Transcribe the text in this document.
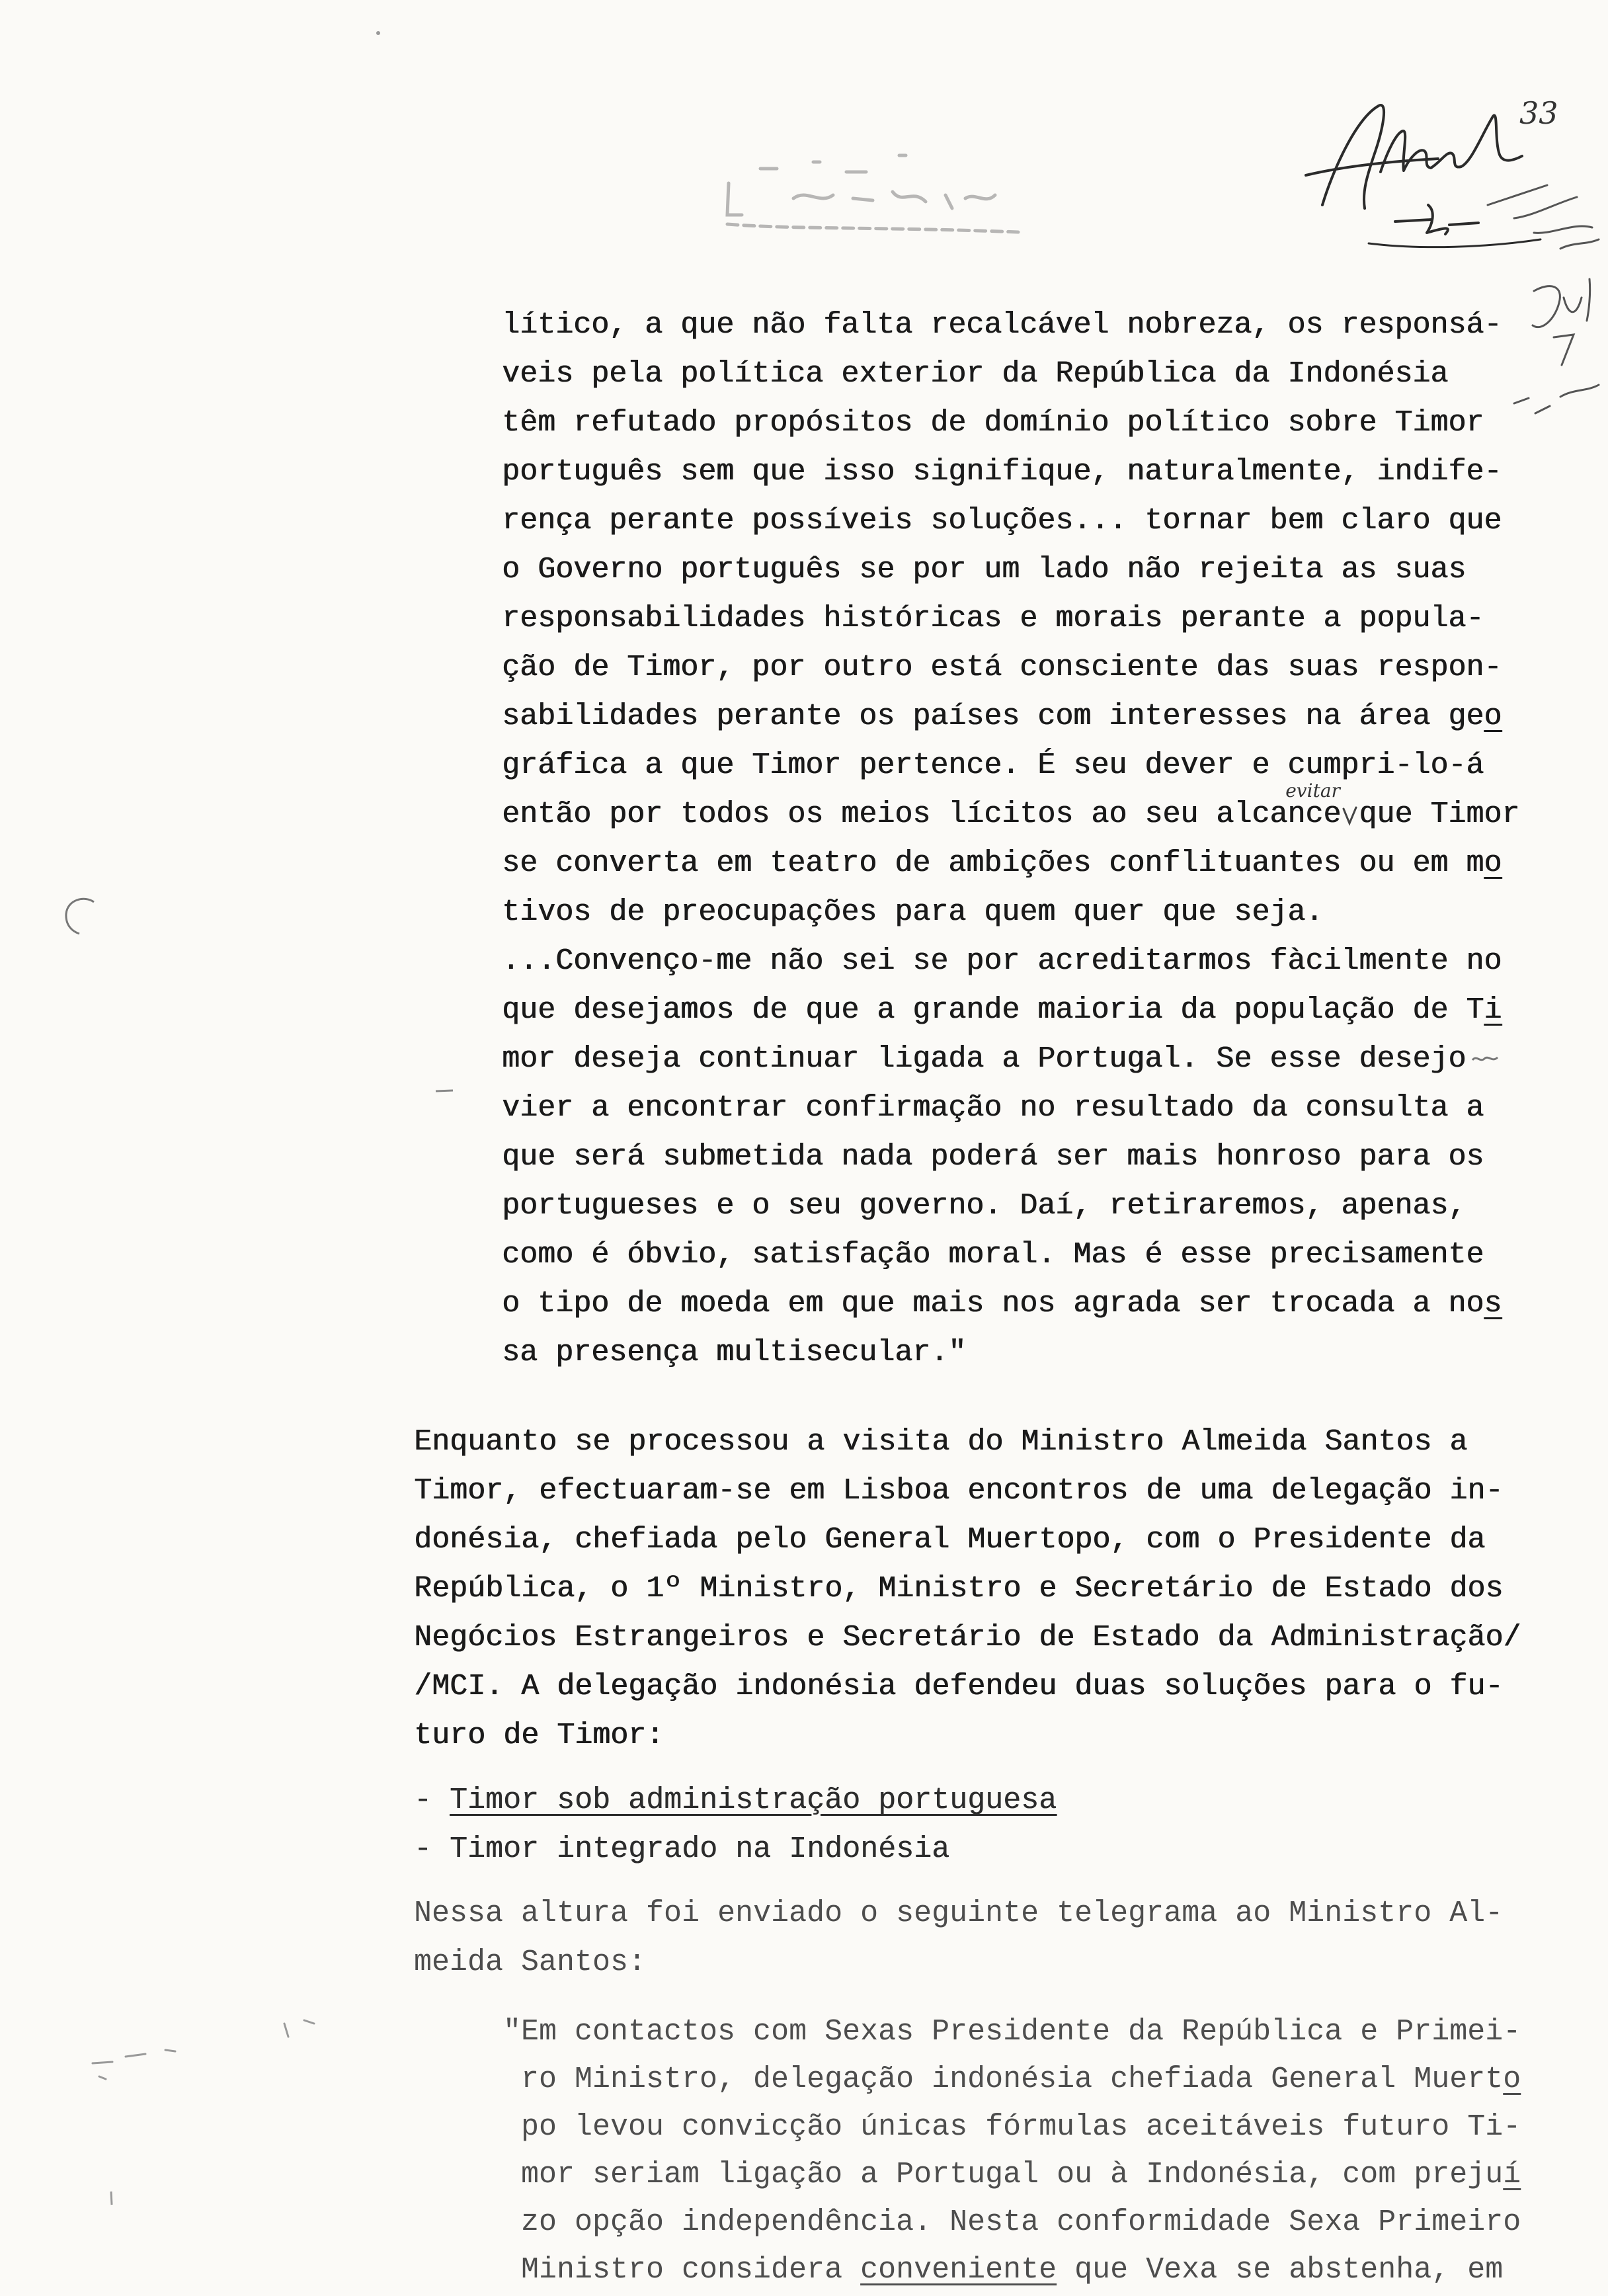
33
lítico, a que não falta recalcável nobreza, os responsá-
veis pela política exterior da República da Indonésia
têm refutado propósitos de domínio político sobre Timor
português sem que isso signifique, naturalmente, indife-
rença perante possíveis soluções... tornar bem claro que
o Governo português se por um lado não rejeita as suas
responsabilidades históricas e morais perante a popula-
ção de Timor, por outro está consciente das suas respon-
sabilidades perante os países com interesses na área geo
gráfica a que Timor pertence. É seu dever e cumpri-lo-á
então por todos os meios lícitos ao seu alcance
evitar
que Timor
se converta em teatro de ambições conflituantes ou em mo
tivos de preocupações para quem quer que seja.
...Convenço-me não sei se por acreditarmos fàcilmente no
que desejamos de que a grande maioria da população de Ti
mor deseja continuar ligada a Portugal. Se esse desejo
vier a encontrar confirmação no resultado da consulta a
que será submetida nada poderá ser mais honroso para os
portugueses e o seu governo. Daí, retiraremos, apenas,
como é óbvio, satisfação moral. Mas é esse precisamente
o tipo de moeda em que mais nos agrada ser trocada a nos
sa presença multisecular."
Enquanto se processou a visita do Ministro Almeida Santos a
Timor, efectuaram-se em Lisboa encontros de uma delegação in-
donésia, chefiada pelo General Muertopo, com o Presidente da
República, o 1º Ministro, Ministro e Secretário de Estado dos
Negócios Estrangeiros e Secretário de Estado da Administração/
/MCI. A delegação indonésia defendeu duas soluções para o fu-
turo de Timor:
- Timor sob administração portuguesa
- Timor integrado na Indonésia
Nessa altura foi enviado o seguinte telegrama ao Ministro Al-
meida Santos:
"Em contactos com Sexas Presidente da República e Primei-
ro Ministro, delegação indonésia chefiada General Muerto
po levou convicção únicas fórmulas aceitáveis futuro Ti-
mor seriam ligação a Portugal ou à Indonésia, com prejuí
zo opção independência. Nesta conformidade Sexa Primeiro
Ministro considera conveniente que Vexa se abstenha, em
